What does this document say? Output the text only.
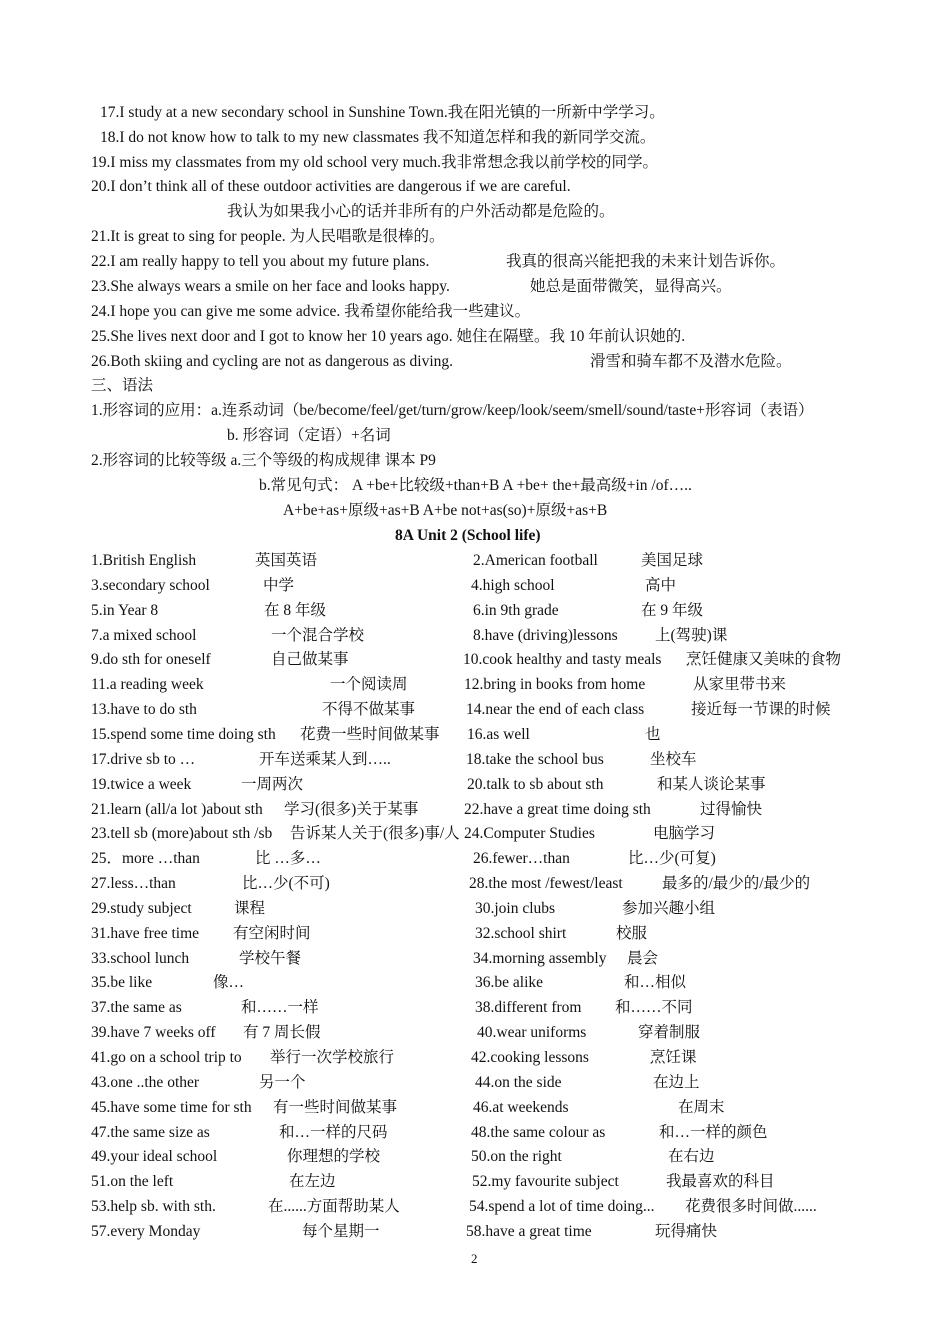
17.I study at a new secondary school in Sunshine Town.我在阳光镇的一所新中学学习。
18.I do not know how to talk to my new classmates 我不知道怎样和我的新同学交流。
19.I miss my classmates from my old school very much.我非常想念我以前学校的同学。
20.I don’t think all of these outdoor activities are dangerous if we are careful.
我认为如果我小心的话并非所有的户外活动都是危险的。
21.It is great to sing for people. 为人民唱歌是很棒的。
22.I am really happy to tell you about my future plans.	我真的很高兴能把我的未来计划告诉你。
23.She always wears a smile on her face and looks happy.	她总是面带微笑，显得高兴。
24.I hope you can give me some advice. 我希望你能给我一些建议。
25.She lives next door and I got to know her 10 years ago. 她住在隔壁。我 10 年前认识她的.
26.Both skiing and cycling are not as dangerous as diving.	滑雪和骑车都不及潜水危险。
三、语法
1.形容词的应用：a.连系动词（be/become/feel/get/turn/grow/keep/look/seem/smell/sound/taste+形容词（表语）
b. 形容词（定语）+名词
2.形容词的比较等级 a.三个等级的构成规律 课本 P9
b.常见句式： A +be+比较级+than+B A +be+ the+最高级+in /of…..
A+be+as+原级+as+B A+be not+as(so)+原级+as+B
8A Unit 2 (School life)
1.British English	英国英语	2.American football	美国足球
3.secondary school	中学	4.high school	高中
5.in Year 8	在 8 年级	6.in 9th grade	在 9 年级
7.a mixed school	一个混合学校	8.have (driving)lessons 上(驾驶)课
9.do sth for oneself	自己做某事	10.cook healthy and tasty meals 烹饪健康又美味的食物
11.a reading week	一个阅读周	12.bring in books from home	从家里带书来
13.have to do sth	不得不做某事	14.near the end of each class	接近每一节课的时候
15.spend some time doing sth 花费一些时间做某事 16.as well	也
17.drive sb to …	开车送乘某人到…..	18.take the school bus	坐校车
19.twice a week	一周两次	20.talk to sb about sth	和某人谈论某事
21.learn (all/a lot )about sth 学习(很多)关于某事	22.have a great time doing sth	过得愉快
23.tell sb (more)about sth /sb 告诉某人关于(很多)事/人 24.Computer Studies	电脑学习
25．more …than	比 …多…	26.fewer…than	比…少(可复)
27.less…than	比…少(不可)	28.the most /fewest/least	最多的/最少的/最少的
29.study subject	课程	30.join clubs	参加兴趣小组
31.have free time 有空闲时间	32.school shirt	校服
33.school lunch	学校午餐	34.morning assembly 晨会
35.be like	像…	36.be alike	和…相似
37.the same as	和……一样	38.different from 和……不同
39.have 7 weeks off 有 7 周长假	40.wear uniforms	穿着制服
41.go on a school trip to 举行一次学校旅行	42.cooking lessons	烹饪课
43.one ..the other	另一个	44.on the side	在边上
45.have some time for sth 有一些时间做某事	46.at weekends	在周末
47.the same size as	和…一样的尺码	48.the same colour as	和…一样的颜色
49.your ideal school	你理想的学校	50.on the right	在右边
51.on the left	在左边	52.my favourite subject	我最喜欢的科目
53.help sb. with sth.	在......方面帮助某人	54.spend a lot of time doing... 花费很多时间做......
57.every Monday	每个星期一	58.have a great time	玩得痛快
2
